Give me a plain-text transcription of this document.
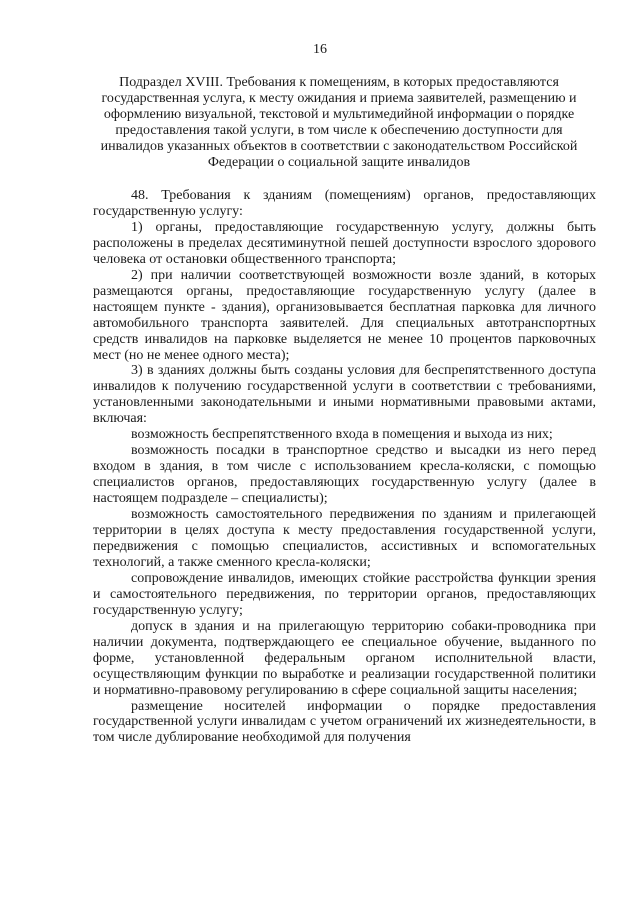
16
Подраздел XVIII. Требования к помещениям, в которых предоставляются государственная услуга, к месту ожидания и приема заявителей, размещению и оформлению визуальной, текстовой и мультимедийной информации о порядке предоставления такой услуги, в том числе к обеспечению доступности для инвалидов указанных объектов в соответствии с законодательством Российской Федерации о социальной защите инвалидов

48. Требования к зданиям (помещениям) органов, предоставляющих государственную услугу:

1) органы, предоставляющие государственную услугу, должны быть расположены в пределах десятиминутной пешей доступности взрослого здорового человека от остановки общественного транспорта;

2) при наличии соответствующей возможности возле зданий, в которых размещаются органы, предоставляющие государственную услугу (далее в настоящем пункте - здания), организовывается бесплатная парковка для личного автомобильного транспорта заявителей. Для специальных автотранспортных средств инвалидов на парковке выделяется не менее 10 процентов парковочных мест (но не менее одного места);

3) в зданиях должны быть созданы условия для беспрепятственного доступа инвалидов к получению государственной услуги в соответствии с требованиями, установленными законодательными и иными нормативными правовыми актами, включая:

возможность беспрепятственного входа в помещения и выхода из них;

возможность посадки в транспортное средство и высадки из него перед входом в здания, в том числе с использованием кресла-коляски, с помощью специалистов органов, предоставляющих государственную услугу (далее в настоящем подразделе – специалисты);

возможность самостоятельного передвижения по зданиям и прилегающей территории в целях доступа к месту предоставления государственной услуги, передвижения с помощью специалистов, ассистивных и вспомогательных технологий, а также сменного кресла-коляски;

сопровождение инвалидов, имеющих стойкие расстройства функции зрения и самостоятельного передвижения, по территории органов, предоставляющих государственную услугу;

допуск в здания и на прилегающую территорию собаки-проводника при наличии документа, подтверждающего ее специальное обучение, выданного по форме, установленной федеральным органом исполнительной власти, осуществляющим функции по выработке и реализации государственной политики и нормативно-правовому регулированию в сфере социальной защиты населения;

размещение носителей информации о порядке предоставления государственной услуги инвалидам с учетом ограничений их жизнедеятельности, в том числе дублирование необходимой для получения
